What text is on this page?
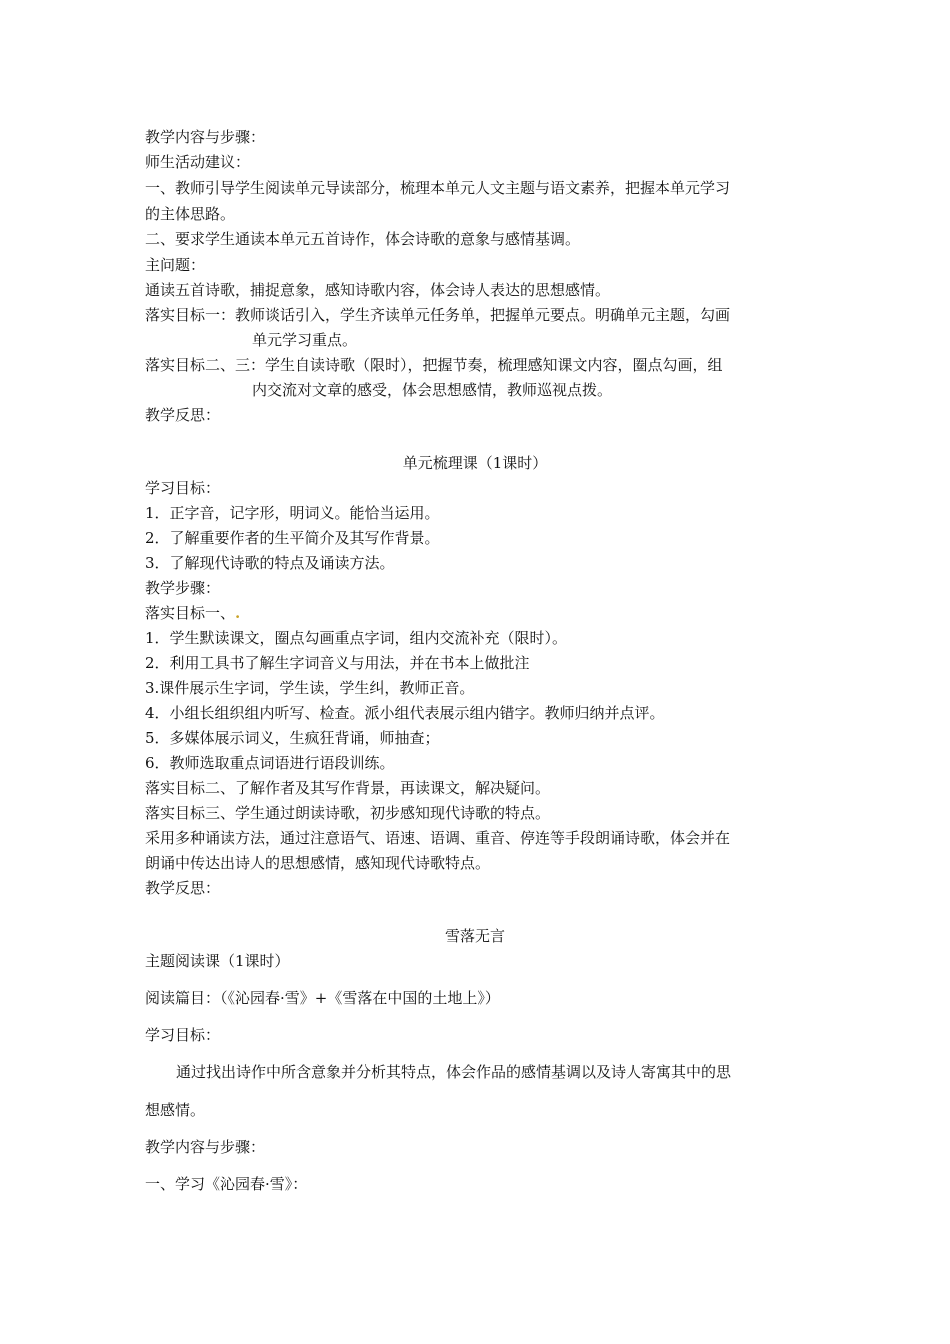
教学内容与步骤：
师生活动建议：
一、教师引导学生阅读单元导读部分，梳理本单元人文主题与语文素养，把握本单元学习
的主体思路。
二、要求学生通读本单元五首诗作，体会诗歌的意象与感情基调。
主问题：
通读五首诗歌，捕捉意象，感知诗歌内容，体会诗人表达的思想感情。
落实目标一：教师谈话引入，学生齐读单元任务单，把握单元要点。明确单元主题，勾画
单元学习重点。
落实目标二、三：学生自读诗歌（限时），把握节奏，梳理感知课文内容，圈点勾画，组
内交流对文章的感受，体会思想感情，教师巡视点拨。
教学反思：
单元梳理课（1课时）
学习目标：
1．正字音，记字形，明词义。能恰当运用。
2．了解重要作者的生平简介及其写作背景。
3．了解现代诗歌的特点及诵读方法。
教学步骤：
落实目标一、.
1．学生默读课文，圈点勾画重点字词，组内交流补充（限时）。
2．利用工具书了解生字词音义与用法，并在书本上做批注
3.课件展示生字词，学生读，学生纠，教师正音。
4．小组长组织组内听写、检查。派小组代表展示组内错字。教师归纳并点评。
5．多媒体展示词义，生疯狂背诵，师抽查；
6．教师选取重点词语进行语段训练。
落实目标二、了解作者及其写作背景，再读课文，解决疑问。
落实目标三、学生通过朗读诗歌，初步感知现代诗歌的特点。
采用多种诵读方法，通过注意语气、语速、语调、重音、停连等手段朗诵诗歌，体会并在
朗诵中传达出诗人的思想感情，感知现代诗歌特点。
教学反思：
雪落无言
主题阅读课（1课时）
阅读篇目：（《沁园春·雪》+《雪落在中国的土地上》）
学习目标：
通过找出诗作中所含意象并分析其特点，体会作品的感情基调以及诗人寄寓其中的思
想感情。
教学内容与步骤：
一、学习《沁园春·雪》：
